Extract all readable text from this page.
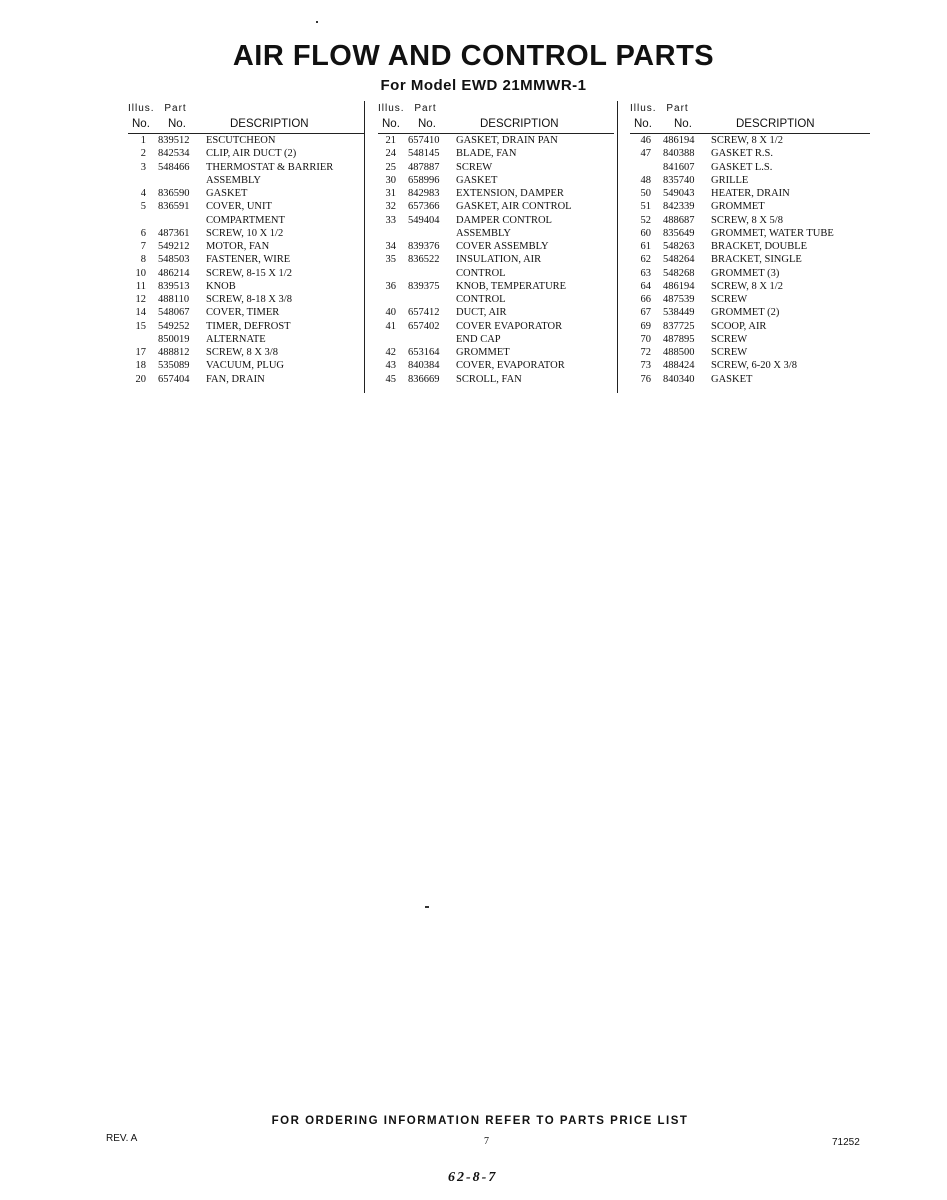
AIR FLOW AND CONTROL PARTS
For Model EWD 21MMWR-1
Illus. Part
No. No.	DESCRIPTION
1 839512 ESCUTCHEON
2 842534 CLIP, AIR DUCT (2)
3 548466 THERMOSTAT & BARRIER
ASSEMBLY
4 836590 GASKET
5 836591 COVER, UNIT
COMPARTMENT
6 487361 SCREW, 10 X 1/2
7 549212 MOTOR, FAN
8 548503 FASTENER, WIRE
10 486214 SCREW, 8-15 X 1/2
11 839513 KNOB
12 488110 SCREW, 8-18 X 3/8
14 548067 COVER, TIMER
15 549252 TIMER, DEFROST
850019 ALTERNATE
17 488812 SCREW, 8 X 3/8
18 535089 VACUUM, PLUG
20 657404 FAN, DRAIN
Illus. Part
No. No.	DESCRIPTION
21 657410 GASKET, DRAIN PAN
24 548145 BLADE, FAN
25 487887 SCREW
30 658996 GASKET
31 842983 EXTENSION, DAMPER
32 657366 GASKET, AIR CONTROL
33 549404 DAMPER CONTROL
ASSEMBLY
34 839376 COVER ASSEMBLY
35 836522 INSULATION, AIR
CONTROL
36 839375 KNOB, TEMPERATURE
CONTROL
40 657412 DUCT, AIR
41 657402 COVER EVAPORATOR
END CAP
42 653164 GROMMET
43 840384 COVER, EVAPORATOR
45 836669 SCROLL, FAN
Illus. Part
No. No.	DESCRIPTION
46 486194 SCREW, 8 X 1/2
47 840388 GASKET R.S.
841607 GASKET L.S.
48 835740 GRILLE
50 549043 HEATER, DRAIN
51 842339 GROMMET
52 488687 SCREW, 8 X 5/8
60 835649 GROMMET, WATER TUBE
61 548263 BRACKET, DOUBLE
62 548264 BRACKET, SINGLE
63 548268 GROMMET (3)
64 486194 SCREW, 8 X 1/2
66 487539 SCREW
67 538449 GROMMET (2)
69 837725 SCOOP, AIR
70 487895 SCREW
72 488500 SCREW
73 488424 SCREW, 6-20 X 3/8
76 840340 GASKET
FOR ORDERING INFORMATION REFER TO PARTS PRICE LIST
REV. A	7	71252
62-8-7
